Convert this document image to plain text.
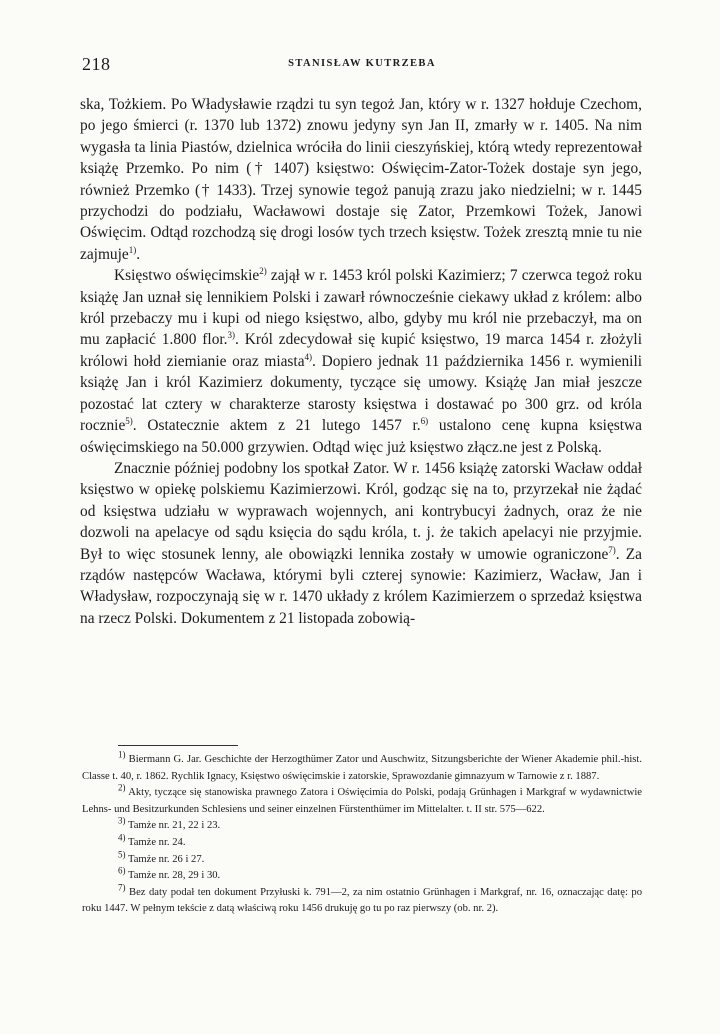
218	STANISŁAW KUTRZEBA

ska, Tożkiem. Po Władysławie rządzi tu syn tegoż Jan, który w r. 1327 hołduje Czechom, po jego śmierci (r. 1370 lub 1372) znowu jedyny syn Jan II, zmarły w r. 1405. Na nim wygasła ta linia Piastów, dzielnica wróciła do linii cieszyńskiej, którą wtedy reprezentował książę Przemko. Po nim († 1407) księstwo: Oświęcim-Zator-Tożek dostaje syn jego, również Przemko († 1433). Trzej synowie tegoż panują zrazu jako niedzielni; w r. 1445 przychodzi do podziału, Wacławowi dostaje się Zator, Przemkowi Tożek, Janowi Oświęcim. Odtąd rozchodzą się drogi losów tych trzech księstw. Tożek zresztą mnie tu nie zajmuje$^{1)}$.

Księstwo oświęcimskie$^{2)}$ zajął w r. 1453 król polski Kazimierz; 7 czerwca tegoż roku książę Jan uznał się lennikiem Polski i zawarł równocześnie ciekawy układ z królem: albo król przebaczy mu i kupi od niego księstwo, albo, gdyby mu król nie przebaczył, ma on mu zapłacić 1.800 flor.$^{3)}$. Król zdecydował się kupić księstwo, 19 marca 1454 r. złożyli królowi hołd ziemianie oraz miasta$^{4)}$. Dopiero jednak 11 października 1456 r. wymienili książę Jan i król Kazimierz dokumenty, tyczące się umowy. Książę Jan miał jeszcze pozostać lat cztery w charakterze starosty księstwa i dostawać po 300 grz. od króla rocznie$^{5)}$. Ostatecznie aktem z 21 lutego 1457 r.$^{6)}$ ustalono cenę kupna księstwa oświęcimskiego na 50.000 grzywien. Odtąd więc już księstwo złącz.ne jest z Polską.

Znacznie później podobny los spotkał Zator. W r. 1456 książę zatorski Wacław oddał księstwo w opiekę polskiemu Kazimierzowi. Król, godząc się na to, przyrzekał nie żądać od księstwa udziału w wyprawach wojennych, ani kontrybucyi żadnych, oraz że nie dozwoli na apelacye od sądu księcia do sądu króla, t. j. że takich apelacyi nie przyjmie. Był to więc stosunek lenny, ale obowiązki lennika zostały w umowie ograniczone$^{7)}$. Za rządów następców Wacława, którymi byli czterej synowie: Kazimierz, Wacław, Jan i Władysław, rozpoczynają się w r. 1470 układy z królem Kazimierzem o sprzedaż księstwa na rzecz Polski. Dokumentem z 21 listopada zobowią-

$^{1)}$ Biermann G. Jar. Geschichte der Herzogthümer Zator und Auschwitz, Sitzungsberichte der Wiener Akademie phil.-hist. Classe t. 40, r. 1862. Rychlik Ignacy, Księstwo oświęcimskie i zatorskie, Sprawozdanie gimnazyum w Tarnowie z r. 1887.

$^{2)}$ Akty, tyczące się stanowiska prawnego Zatora i Oświęcimia do Polski, podają Grünhagen i Markgraf w wydawnictwie Lehns- und Besitzurkunden Schlesiens und seiner einzelnen Fürstenthümer im Mittelalter. t. II str. 575—622.

$^{3)}$ Tamże nr. 21, 22 i 23.

$^{4)}$ Tamże nr. 24.

$^{5)}$ Tamże nr. 26 i 27.

$^{6)}$ Tamże nr. 28, 29 i 30.

$^{7)}$ Bez daty podał ten dokument Przyłuski k. 791—2, za nim ostatnio Grünhagen i Markgraf, nr. 16, oznaczając datę: po roku 1447. W pełnym tekście z datą właściwą roku 1456 drukuję go tu po raz pierwszy (ob. nr. 2).
